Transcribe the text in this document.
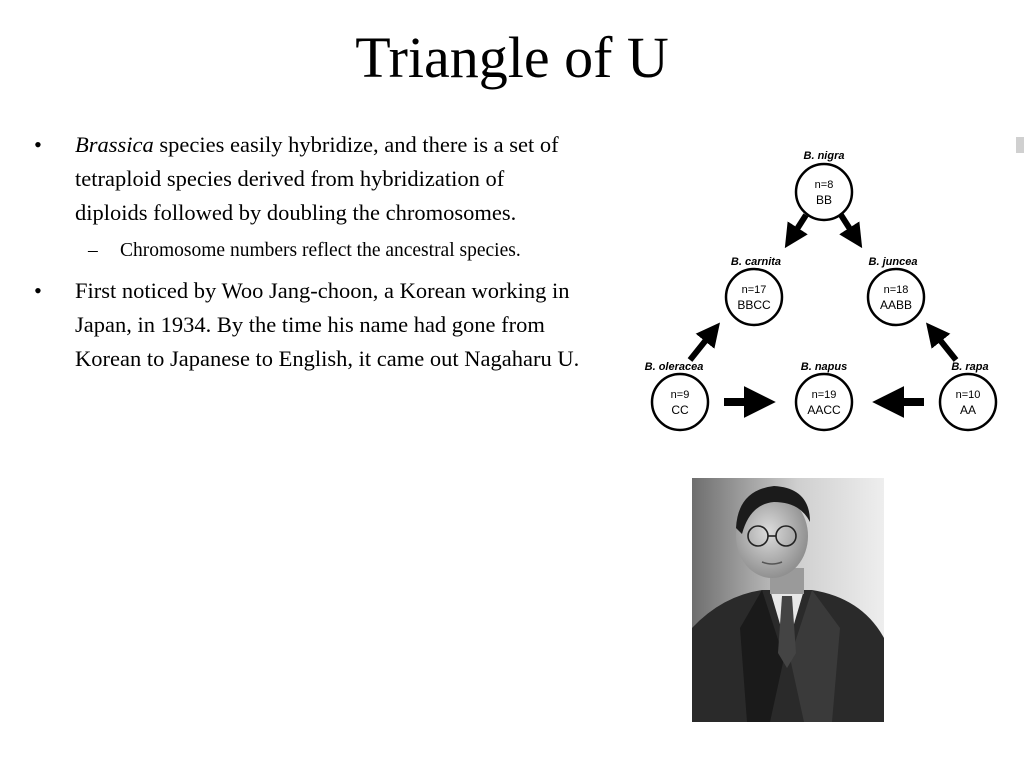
Triangle of U
• Brassica species easily hybridize, and there is a set of tetraploid species derived from hybridization of diploids followed by doubling the chromosomes.
– Chromosome numbers reflect the ancestral species.
• First noticed by Woo Jang-choon, a Korean working in Japan, in 1934. By the time his name had gone from Korean to Japanese to English, it came out Nagaharu U.
B. nigra
n=8
BB
B. carnita
n=17
BBCC
B. juncea
n=18
AABB
B. oleracea
n=9
CC
B. napus
n=19
AACC
B. rapa
n=10
AA
